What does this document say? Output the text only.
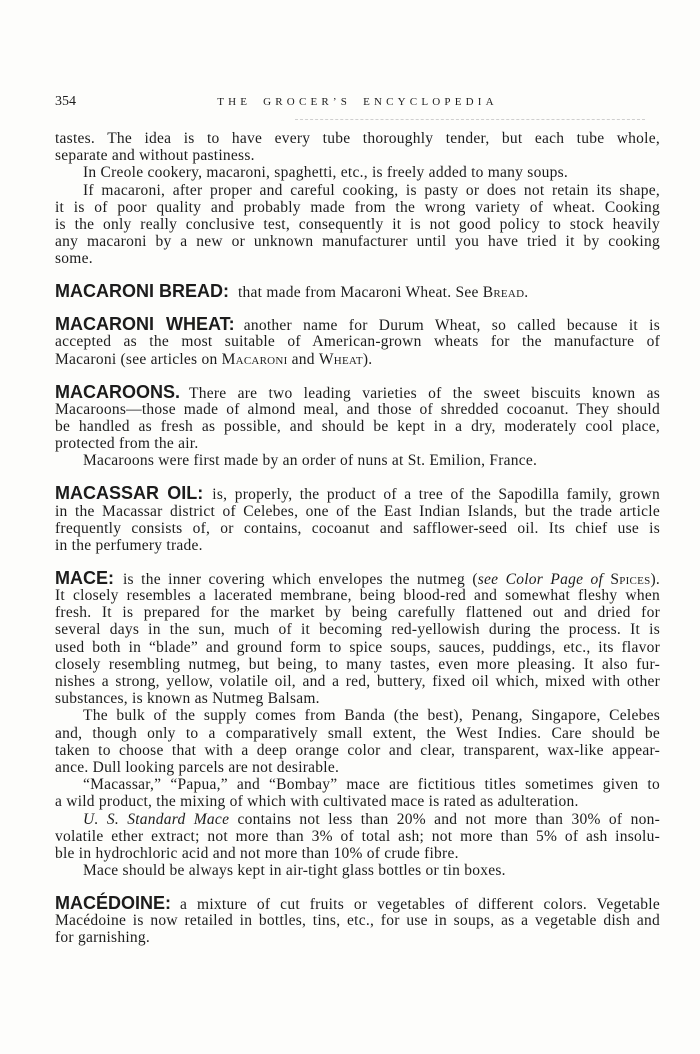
354	THE GROCER’S ENCYCLOPEDIA
tastes. The idea is to have every tube thoroughly tender, but each tube whole,
separate and without pastiness.
In Creole cookery, macaroni, spaghetti, etc., is freely added to many soups.
If macaroni, after proper and careful cooking, is pasty or does not retain its shape,
it is of poor quality and probably made from the wrong variety of wheat. Cooking
is the only really conclusive test, consequently it is not good policy to stock heavily
any macaroni by a new or unknown manufacturer until you have tried it by cooking
some.
MACARONI BREAD: that made from Macaroni Wheat. See Bread.
MACARONI WHEAT: another name for Durum Wheat, so called because it is
accepted as the most suitable of American-grown wheats for the manufacture of
Macaroni (see articles on Macaroni and Wheat).
MACAROONS. There are two leading varieties of the sweet biscuits known as
Macaroons—those made of almond meal, and those of shredded cocoanut. They should
be handled as fresh as possible, and should be kept in a dry, moderately cool place,
protected from the air.
Macaroons were first made by an order of nuns at St. Emilion, France.
MACASSAR OIL: is, properly, the product of a tree of the Sapodilla family, grown
in the Macassar district of Celebes, one of the East Indian Islands, but the trade article
frequently consists of, or contains, cocoanut and safflower-seed oil. Its chief use is
in the perfumery trade.
MACE: is the inner covering which envelopes the nutmeg (see Color Page of Spices).
It closely resembles a lacerated membrane, being blood-red and somewhat fleshy when
fresh. It is prepared for the market by being carefully flattened out and dried for
several days in the sun, much of it becoming red-yellowish during the process. It is
used both in “blade” and ground form to spice soups, sauces, puddings, etc., its flavor
closely resembling nutmeg, but being, to many tastes, even more pleasing. It also fur-
nishes a strong, yellow, volatile oil, and a red, buttery, fixed oil which, mixed with other
substances, is known as Nutmeg Balsam.
The bulk of the supply comes from Banda (the best), Penang, Singapore, Celebes
and, though only to a comparatively small extent, the West Indies. Care should be
taken to choose that with a deep orange color and clear, transparent, wax-like appear-
ance. Dull looking parcels are not desirable.
“Macassar,” “Papua,” and “Bombay” mace are fictitious titles sometimes given to
a wild product, the mixing of which with cultivated mace is rated as adulteration.
U. S. Standard Mace contains not less than 20% and not more than 30% of non-
volatile ether extract; not more than 3% of total ash; not more than 5% of ash insolu-
ble in hydrochloric acid and not more than 10% of crude fibre.
Mace should be always kept in air-tight glass bottles or tin boxes.
MACÉDOINE: a mixture of cut fruits or vegetables of different colors. Vegetable
Macédoine is now retailed in bottles, tins, etc., for use in soups, as a vegetable dish and
for garnishing.
